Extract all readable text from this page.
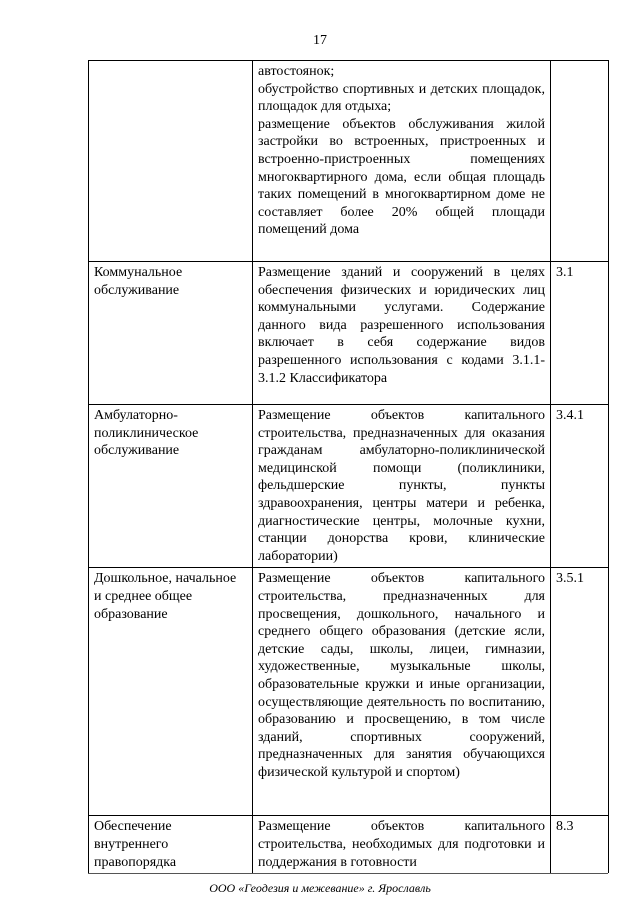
17

	автостоянок;
обустройство спортивных и детских площадок, площадок для отдыха;
размещение объектов обслуживания жилой застройки во встроенных, пристроенных и встроенно-пристроенных помещениях многоквартирного дома, если общая площадь таких помещений в многоквартирном доме не составляет более 20% общей площади помещений дома	

Коммунальное обслуживание	Размещение зданий и сооружений в целях обеспечения физических и юридических лиц коммунальными услугами. Содержание данного вида разрешенного использования включает в себя содержание видов разрешенного использования с кодами 3.1.1-3.1.2 Классификатора	3.1
Амбулаторно-поликлиническое обслуживание	Размещение объектов капитального строительства, предназначенных для оказания гражданам амбулаторно-поликлинической медицинской помощи (поликлиники, фельдшерские пункты, пункты здравоохранения, центры матери и ребенка, диагностические центры, молочные кухни, станции донорства крови, клинические лаборатории)	3.4.1
Дошкольное, начальное и среднее общее образование	Размещение объектов капитального строительства, предназначенных для просвещения, дошкольного, начального и среднего общего образования (детские ясли, детские сады, школы, лицеи, гимназии, художественные, музыкальные школы, образовательные кружки и иные организации, осуществляющие деятельность по воспитанию, образованию и просвещению, в том числе зданий, спортивных сооружений, предназначенных для занятия обучающихся физической культурой и спортом)	3.5.1
Обеспечение внутреннего правопорядка	Размещение объектов капитального строительства, необходимых для подготовки и поддержания в готовности	8.3
ООО «Геодезия и межевание» г. Ярославль
